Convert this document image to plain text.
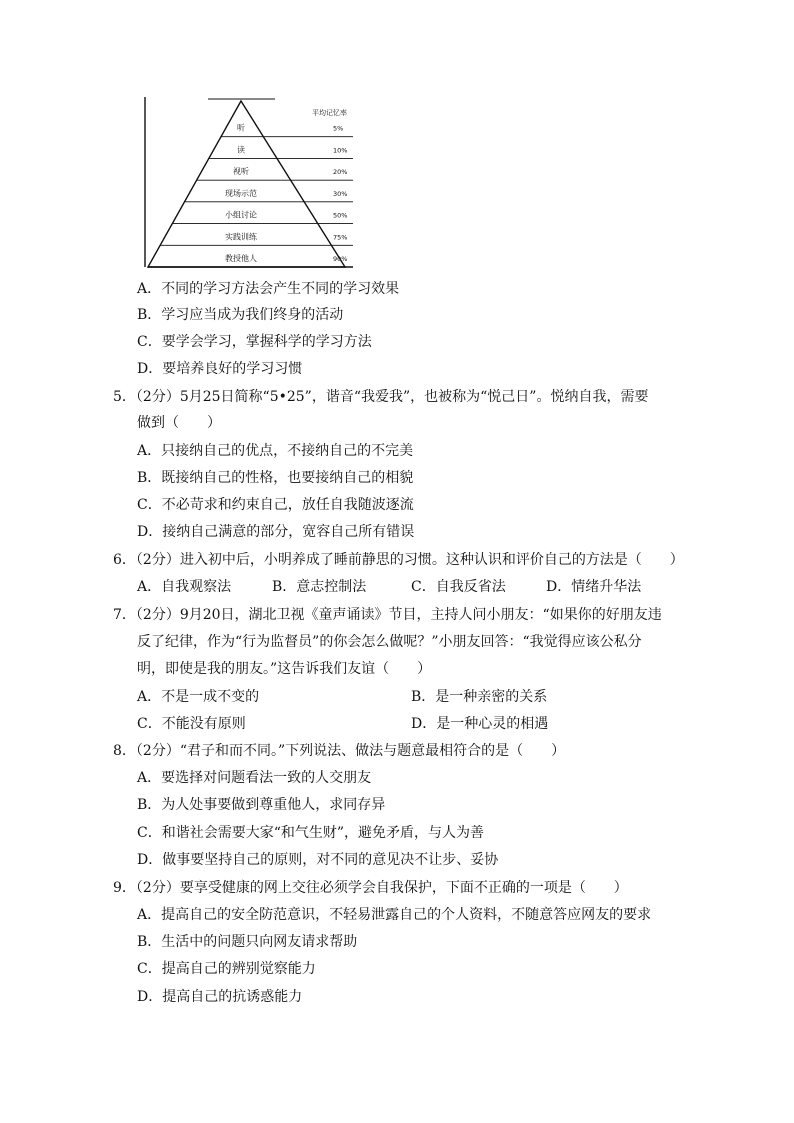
平均记忆率
听	5%
读	10%
视听	20%
现场示范	30%
小组讨论	50%
实践训练	75%
教授他人	90%
A．不同的学习方法会产生不同的学习效果
B．学习应当成为我们终身的活动
C．要学会学习，掌握科学的学习方法
D．要培养良好的学习习惯
5．（2分）5月25日简称“5•25”，谐音“我爱我”，也被称为“悦己日”。悦纳自我，需要
做到（　　）
A．只接纳自己的优点，不接纳自己的不完美
B．既接纳自己的性格，也要接纳自己的相貌
C．不必苛求和约束自己，放任自我随波逐流
D．接纳自己满意的部分，宽容自己所有错误
6．（2分）进入初中后，小明养成了睡前静思的习惯。这种认识和评价自己的方法是（　　）
A．自我观察法	B．意志控制法	C．自我反省法	D．情绪升华法
7．（2分）9月20日，湖北卫视《童声诵读》节目，主持人问小朋友：“如果你的好朋友违
反了纪律，作为“行为监督员”的你会怎么做呢？”小朋友回答：“我觉得应该公私分
明，即使是我的朋友。”这告诉我们友谊（　　）
A．不是一成不变的	B．是一种亲密的关系
C．不能没有原则	D．是一种心灵的相遇
8．（2分）“君子和而不同。”下列说法、做法与题意最相符合的是（　　）
A．要选择对问题看法一致的人交朋友
B．为人处事要做到尊重他人，求同存异
C．和谐社会需要大家“和气生财”，避免矛盾，与人为善
D．做事要坚持自己的原则，对不同的意见决不让步、妥协
9．（2分）要享受健康的网上交往必须学会自我保护，下面不正确的一项是（　　）
A．提高自己的安全防范意识，不轻易泄露自己的个人资料，不随意答应网友的要求
B．生活中的问题只向网友请求帮助
C．提高自己的辨别觉察能力
D．提高自己的抗诱惑能力
